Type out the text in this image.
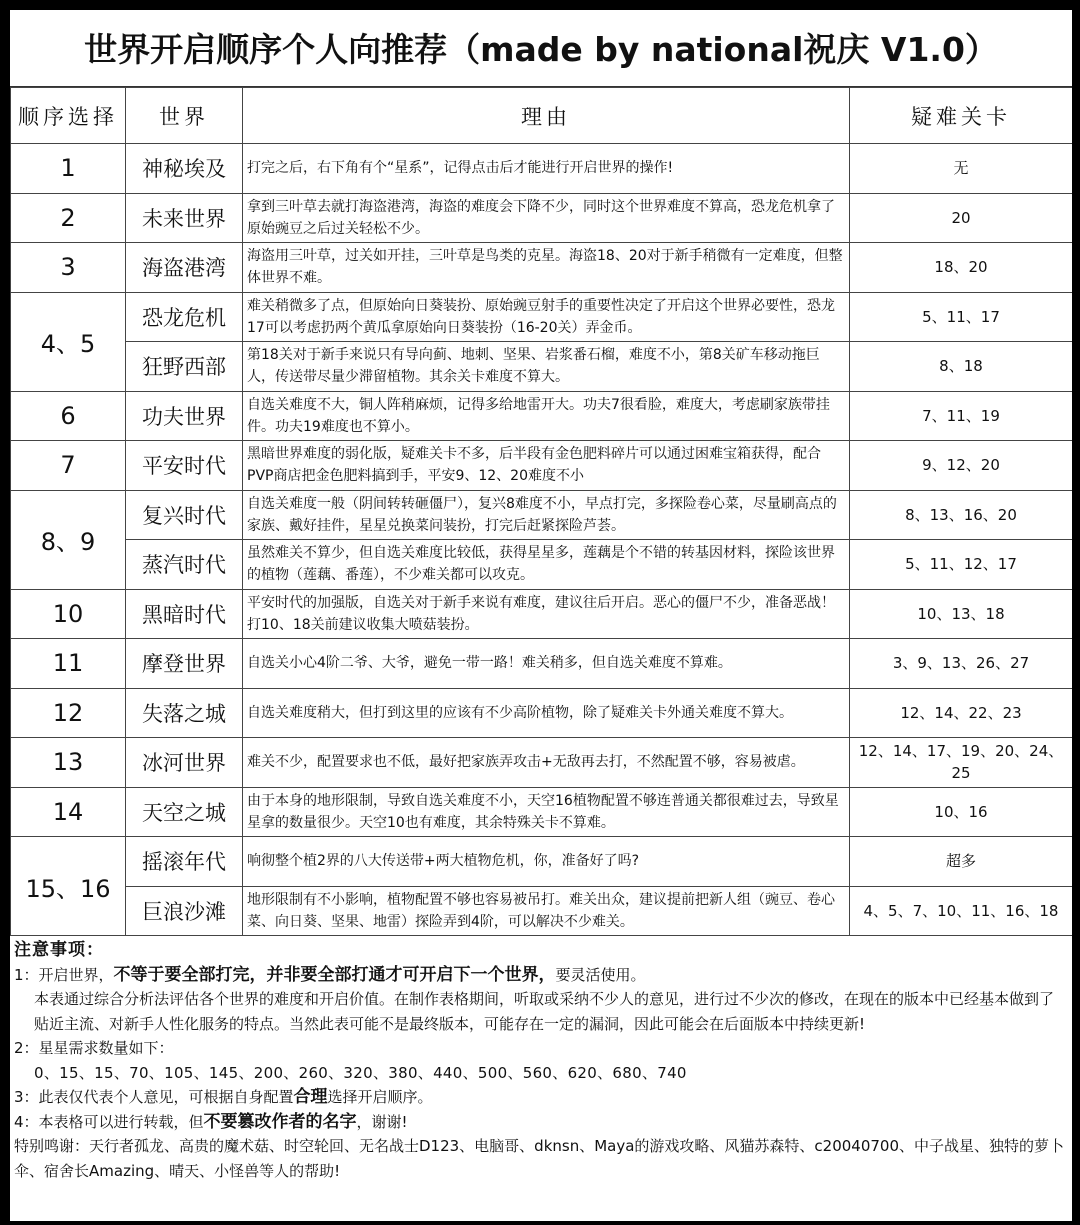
世界开启顺序个人向推荐（made by national祝庆 V1.0）
顺序选择	世界	理由	疑难关卡
1	神秘埃及	打完之后，右下角有个“星系”，记得点击后才能进行开启世界的操作!	无
2	未来世界	拿到三叶草去就打海盗港湾，海盗的难度会下降不少，同时这个世界难度不算高，恐龙危机拿了原始豌豆之后过关轻松不少。	20
3	海盗港湾	海盗用三叶草，过关如开挂，三叶草是鸟类的克星。海盗18、20对于新手稍微有一定难度，但整体世界不难。	18、20
4、5	恐龙危机	难关稍微多了点，但原始向日葵装扮、原始豌豆射手的重要性决定了开启这个世界必要性，恐龙17可以考虑扔两个黄瓜拿原始向日葵装扮（16-20关）弄金币。	5、11、17
	狂野西部	第18关对于新手来说只有导向蓟、地刺、坚果、岩浆番石榴，难度不小，第8关矿车移动拖巨人，传送带尽量少滞留植物。其余关卡难度不算大。	8、18
6	功夫世界	自选关难度不大，铜人阵稍麻烦，记得多给地雷开大。功夫7很看脸，难度大，考虑刷家族带挂件。功夫19难度也不算小。	7、11、19
7	平安时代	黑暗世界难度的弱化版，疑难关卡不多，后半段有金色肥料碎片可以通过困难宝箱获得，配合PVP商店把金色肥料搞到手，平安9、12、20难度不小	9、12、20
8、9	复兴时代	自选关难度一般（阴间转转砸僵尸），复兴8难度不小，早点打完，多探险卷心菜，尽量刷高点的家族、戴好挂件，星星兑换菜问装扮，打完后赶紧探险芦荟。	8、13、16、20
	蒸汽时代	虽然难关不算少，但自选关难度比较低，获得星星多，莲藕是个不错的转基因材料，探险该世界的植物（莲藕、番莲），不少难关都可以攻克。	5、11、12、17
10	黑暗时代	平安时代的加强版，自选关对于新手来说有难度，建议往后开启。恶心的僵尸不少，准备恶战！打10、18关前建议收集大喷菇装扮。	10、13、18
11	摩登世界	自选关小心4阶二爷、大爷，避免一带一路！难关稍多，但自选关难度不算难。	3、9、13、26、27
12	失落之城	自选关难度稍大，但打到这里的应该有不少高阶植物，除了疑难关卡外通关难度不算大。	12、14、22、23
13	冰河世界	难关不少，配置要求也不低，最好把家族弄攻击+无敌再去打，不然配置不够，容易被虐。	12、14、17、19、20、24、25
14	天空之城	由于本身的地形限制，导致自选关难度不小，天空16植物配置不够连普通关都很难过去，导致星星拿的数量很少。天空10也有难度，其余特殊关卡不算难。	10、16
15、16	摇滚年代	响彻整个植2界的八大传送带+两大植物危机，你，准备好了吗?	超多
	巨浪沙滩	地形限制有不小影响，植物配置不够也容易被吊打。难关出众，建议提前把新人组（豌豆、卷心菜、向日葵、坚果、地雷）探险弄到4阶，可以解决不少难关。	4、5、7、10、11、16、18
注意事项：
1：开启世界，不等于要全部打完，并非要全部打通才可开启下一个世界，要灵活使用。
本表通过综合分析法评估各个世界的难度和开启价值。在制作表格期间，听取或采纳不少人的意见，进行过不少次的修改，在现在的版本中已经基本做到了贴近主流、对新手人性化服务的特点。当然此表可能不是最终版本，可能存在一定的漏洞，因此可能会在后面版本中持续更新!
2：星星需求数量如下：
0、15、15、70、105、145、200、260、320、380、440、500、560、620、680、740
3：此表仅代表个人意见，可根据自身配置合理选择开启顺序。
4：本表格可以进行转载，但不要篡改作者的名字，谢谢!
特别鸣谢：天行者孤龙、高贵的魔术菇、时空轮回、无名战士D123、电脑哥、dknsn、Maya的游戏攻略、风猫苏森特、c20040700、中子战星、独特的萝卜伞、宿舍长Amazing、晴天、小怪兽等人的帮助!
